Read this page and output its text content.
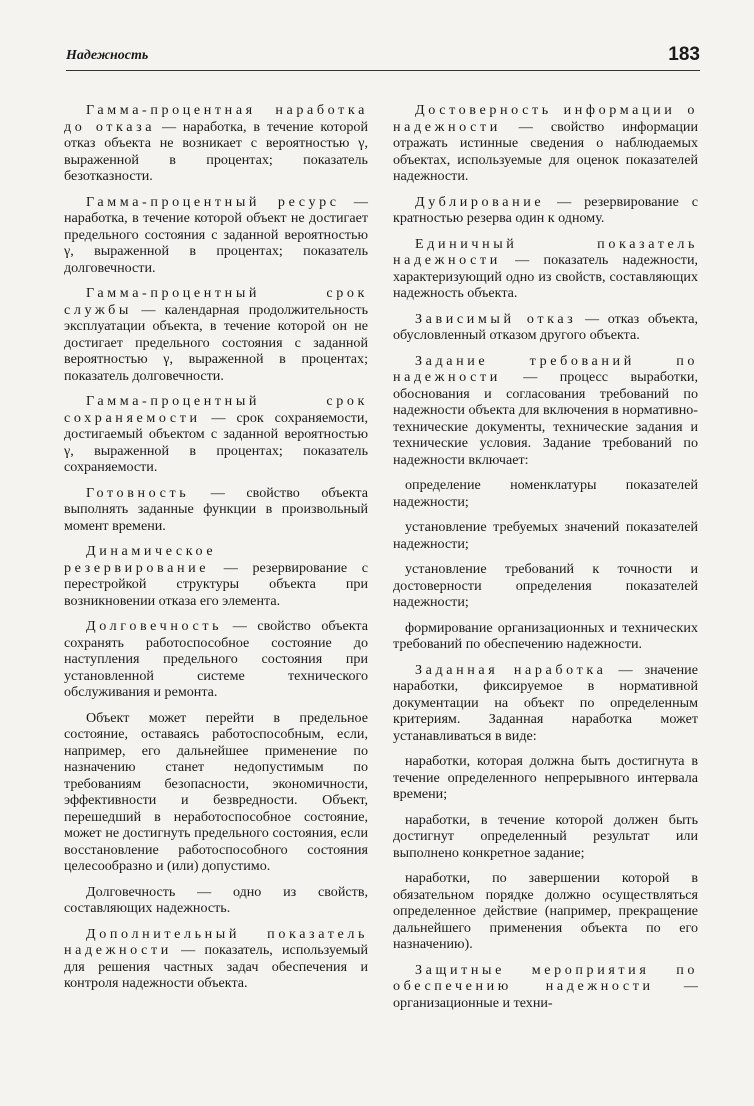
Надежность	183

Гамма-процентная наработка до отказа — наработка, в течение которой отказ объекта не возникает с вероятностью γ, выраженной в процентах; показатель безотказности.

Гамма-процентный ресурс — наработка, в течение которой объект не достигает предельного состояния с заданной вероятностью γ, выраженной в процентах; показатель долговечности.

Гамма-процентный срок службы — календарная продолжительность эксплуатации объекта, в течение которой он не достигает предельного состояния с заданной вероятностью γ, выраженной в процентах; показатель долговечности.

Гамма-процентный срок сохраняемости — срок сохраняемости, достигаемый объектом с заданной вероятностью γ, выраженной в процентах; показатель сохраняемости.

Готовность — свойство объекта выполнять заданные функции в произвольный момент времени.

Динамическое резервирование — резервирование с перестройкой структуры объекта при возникновении отказа его элемента.

Долговечность — свойство объекта сохранять работоспособное состояние до наступления предельного состояния при установленной системе технического обслуживания и ремонта.

Объект может перейти в предельное состояние, оставаясь работоспособным, если, например, его дальнейшее применение по назначению станет недопустимым по требованиям безопасности, экономичности, эффективности и безвредности. Объект, перешедший в неработоспособное состояние, может не достигнуть предельного состояния, если восстановление работоспособного состояния целесообразно и (или) допустимо.

Долговечность — одно из свойств, составляющих надежность.

Дополнительный показатель надежности — показатель, используемый для решения частных задач обеспечения и контроля надежности объекта.

Достоверность информации о надежности — свойство информации отражать истинные сведения о наблюдаемых объектах, используемые для оценок показателей надежности.

Дублирование — резервирование с кратностью резерва один к одному.

Единичный показатель надежности — показатель надежности, характеризующий одно из свойств, составляющих надежность объекта.

Зависимый отказ — отказ объекта, обусловленный отказом другого объекта.

Задание требований по надежности — процесс выработки, обоснования и согласования требований по надежности объекта для включения в нормативно-технические документы, технические задания и технические условия. Задание требований по надежности включает:

определение номенклатуры показателей надежности;

установление требуемых значений показателей надежности;

установление требований к точности и достоверности определения показателей надежности;

формирование организационных и технических требований по обеспечению надежности.

Заданная наработка — значение наработки, фиксируемое в нормативной документации на объект по определенным критериям. Заданная наработка может устанавливаться в виде:

наработки, которая должна быть достигнута в течение определенного непрерывного интервала времени;

наработки, в течение которой должен быть достигнут определенный результат или выполнено конкретное задание;

наработки, по завершении которой в обязательном порядке должно осуществляться определенное действие (например, прекращение дальнейшего применения объекта по его назначению).

Защитные мероприятия по обеспечению надежности — организационные и техни-
